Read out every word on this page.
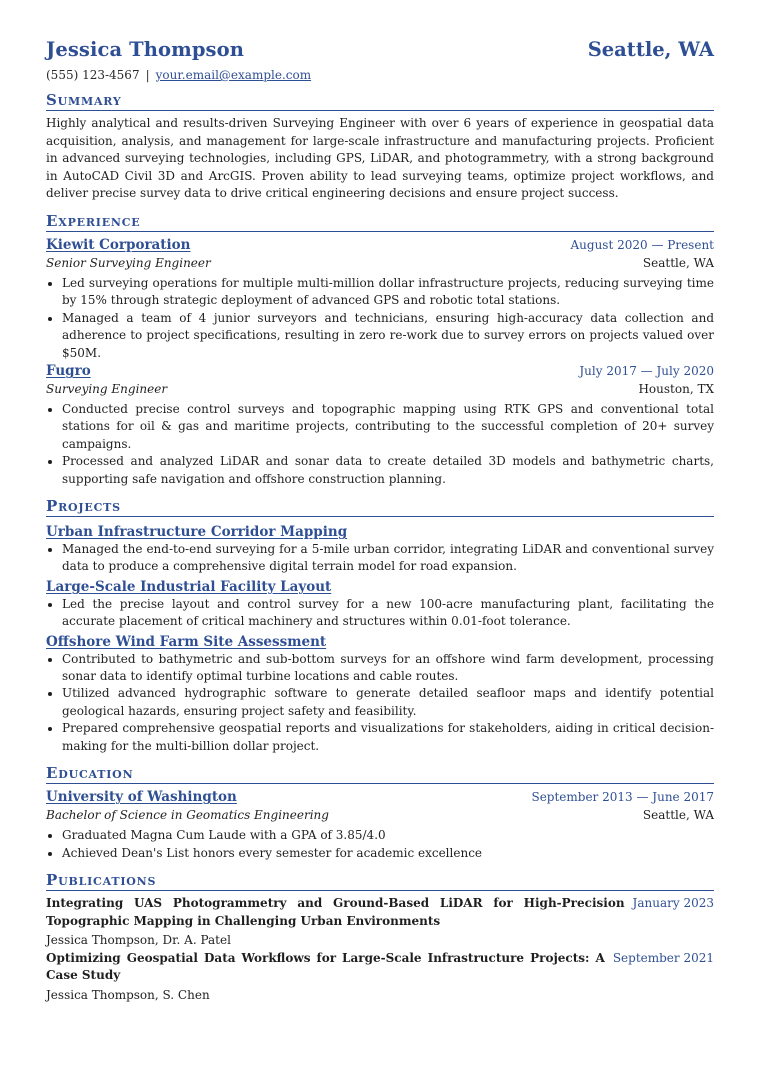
Jessica Thompson	Seattle, WA
(555) 123-4567 | your.email@example.com
Summary
Highly analytical and results-driven Surveying Engineer with over 6 years of experience in geospatial data acquisition, analysis, and management for large-scale infrastructure and manufacturing projects. Proficient in advanced surveying technologies, including GPS, LiDAR, and photogrammetry, with a strong background in AutoCAD Civil 3D and ArcGIS. Proven ability to lead surveying teams, optimize project workflows, and deliver precise survey data to drive critical engineering decisions and ensure project success.
Experience
Kiewit Corporation	August 2020 — Present
Senior Surveying Engineer	Seattle, WA
• Led surveying operations for multiple multi-million dollar infrastructure projects, reducing surveying time by 15% through strategic deployment of advanced GPS and robotic total stations.
• Managed a team of 4 junior surveyors and technicians, ensuring high-accuracy data collection and adherence to project specifications, resulting in zero re-work due to survey errors on projects valued over $50M.
Fugro	July 2017 — July 2020
Surveying Engineer	Houston, TX
• Conducted precise control surveys and topographic mapping using RTK GPS and conventional total stations for oil & gas and maritime projects, contributing to the successful completion of 20+ survey campaigns.
• Processed and analyzed LiDAR and sonar data to create detailed 3D models and bathymetric charts, supporting safe navigation and offshore construction planning.
Projects
Urban Infrastructure Corridor Mapping
• Managed the end-to-end surveying for a 5-mile urban corridor, integrating LiDAR and conventional survey data to produce a comprehensive digital terrain model for road expansion.
Large-Scale Industrial Facility Layout
• Led the precise layout and control survey for a new 100-acre manufacturing plant, facilitating the accurate placement of critical machinery and structures within 0.01-foot tolerance.
Offshore Wind Farm Site Assessment
• Contributed to bathymetric and sub-bottom surveys for an offshore wind farm development, processing sonar data to identify optimal turbine locations and cable routes.
• Utilized advanced hydrographic software to generate detailed seafloor maps and identify potential geological hazards, ensuring project safety and feasibility.
• Prepared comprehensive geospatial reports and visualizations for stakeholders, aiding in critical decision-making for the multi-billion dollar project.
Education
University of Washington	September 2013 — June 2017
Bachelor of Science in Geomatics Engineering	Seattle, WA
• Graduated Magna Cum Laude with a GPA of 3.85/4.0
• Achieved Dean's List honors every semester for academic excellence
Publications
Integrating UAS Photogrammetry and Ground-Based LiDAR for High-Precision Topographic Mapping in Challenging Urban Environments
January 2023
Jessica Thompson, Dr. A. Patel
Optimizing Geospatial Data Workflows for Large-Scale Infrastructure Projects: A Case Study
September 2021
Jessica Thompson, S. Chen
